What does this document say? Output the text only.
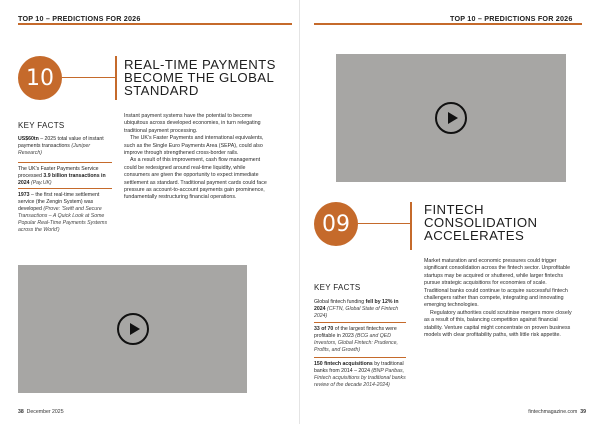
TOP 10 – PREDICTIONS FOR 2026
10
REAL-TIME PAYMENTS
BECOME THE GLOBAL
STANDARD
KEY FACTS
US$60tn – 2025 total value of instant payments transactions (Juniper Research)
The UK's Faster Payments Service processed 3.9 billion transactions in 2024 (Pay.UK)
1973 – the first real-time settlement service (the Zengin System) was developed (Prove: 'Swift and Secure Transactions – A Quick Look at Some Popular Real-Time Payments Systems across the World')

Instant payment systems have the potential to become ubiquitous across developed economies, in turn relegating traditional payment processing.

The UK's Faster Payments and international equivalents, such as the Single Euro Payments Area (SEPA), could also improve through strengthened cross-border rails.

As a result of this improvement, cash flow management could be redesigned around real-time liquidity, while consumers are given the opportunity to expect immediate settlement as standard. Traditional payment cards could face pressure as account-to-account payments gain prominence, fundamentally restructuring financial operations.

38 December 2025
TOP 10 – PREDICTIONS FOR 2026
09
FINTECH
CONSOLIDATION
ACCELERATES
KEY FACTS
Global fintech funding fell by 12% in 2024 (CFTN, Global State of Fintech 2024)
33 of 70 of the largest fintechs were profitable in 2023 (BCG and QED Investors, Global Fintech: Prudence, Profits, and Growth)
150 fintech acquisitions by traditional banks from 2014 – 2024 (BNP Paribas, Fintech acquisitions by traditional banks review of the decade 2014-2024)

Market maturation and economic pressures could trigger significant consolidation across the fintech sector. Unprofitable startups may be acquired or shuttered, while larger fintechs pursue strategic acquisitions for economies of scale. Traditional banks could continue to acquire successful fintech challengers rather than compete, integrating and innovating emerging technologies.

Regulatory authorities could scrutinise mergers more closely as a result of this, balancing competition against financial stability. Venture capital might concentrate on proven business models with clear profitability paths, with little risk appetite.

fintechmagazine.com 39
